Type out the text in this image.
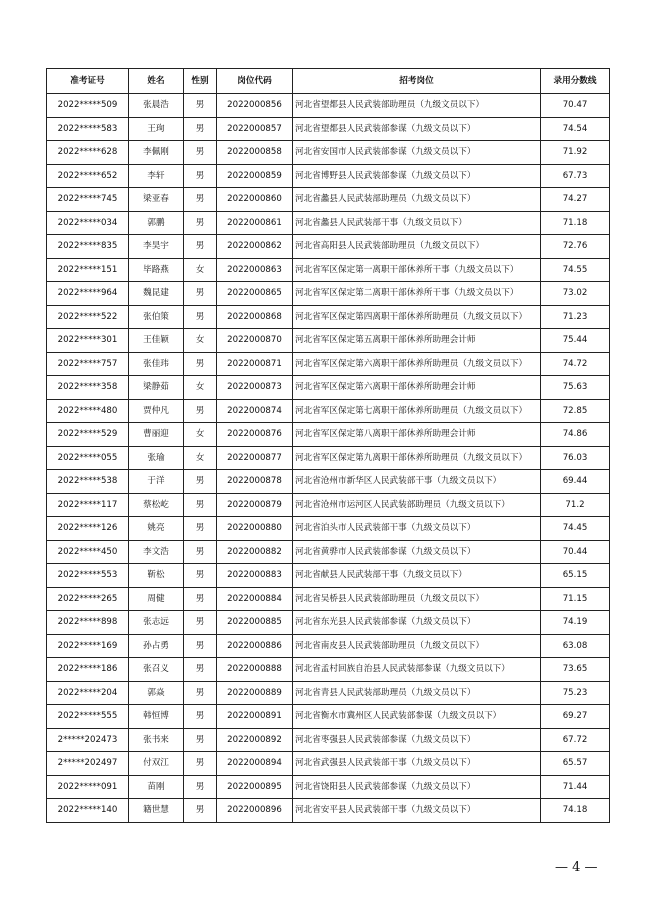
准考证号	姓名	性别	岗位代码	招考岗位	录用分数线
2022*****509	张晨浩	男	2022000856	河北省望都县人民武装部助理员（九级文员以下）	70.47
2022*****583	王珣	男	2022000857	河北省望都县人民武装部参谋（九级文员以下）	74.54
2022*****628	李佩刚	男	2022000858	河北省安国市人民武装部参谋（九级文员以下）	71.92
2022*****652	李轩	男	2022000859	河北省博野县人民武装部参谋（九级文员以下）	67.73
2022*****745	梁亚春	男	2022000860	河北省蠡县人民武装部助理员（九级文员以下）	74.27
2022*****034	郭鹏	男	2022000861	河北省蠡县人民武装部干事（九级文员以下）	71.18
2022*****835	李昊宇	男	2022000862	河北省高阳县人民武装部助理员（九级文员以下）	72.76
2022*****151	毕路燕	女	2022000863	河北省军区保定第一离职干部休养所干事（九级文员以下）	74.55
2022*****964	魏昆建	男	2022000865	河北省军区保定第二离职干部休养所干事（九级文员以下）	73.02
2022*****522	张伯策	男	2022000868	河北省军区保定第四离职干部休养所助理员（九级文员以下）	71.23
2022*****301	王佳颖	女	2022000870	河北省军区保定第五离职干部休养所助理会计师	75.44
2022*****757	张佳玮	男	2022000871	河北省军区保定第六离职干部休养所助理员（九级文员以下）	74.72
2022*****358	梁静茹	女	2022000873	河北省军区保定第六离职干部休养所助理会计师	75.63
2022*****480	贾仲凡	男	2022000874	河北省军区保定第七离职干部休养所助理员（九级文员以下）	72.85
2022*****529	曹丽迎	女	2022000876	河北省军区保定第八离职干部休养所助理会计师	74.86
2022*****055	张瑜	女	2022000877	河北省军区保定第九离职干部休养所助理员（九级文员以下）	76.03
2022*****538	于洋	男	2022000878	河北省沧州市新华区人民武装部干事（九级文员以下）	69.44
2022*****117	蔡松屹	男	2022000879	河北省沧州市运河区人民武装部助理员（九级文员以下）	71.2
2022*****126	姚亮	男	2022000880	河北省泊头市人民武装部干事（九级文员以下）	74.45
2022*****450	李文浩	男	2022000882	河北省黄骅市人民武装部参谋（九级文员以下）	70.44
2022*****553	靳松	男	2022000883	河北省献县人民武装部干事（九级文员以下）	65.15
2022*****265	周健	男	2022000884	河北省吴桥县人民武装部助理员（九级文员以下）	71.15
2022*****898	张志远	男	2022000885	河北省东光县人民武装部参谋（九级文员以下）	74.19
2022*****169	孙占勇	男	2022000886	河北省南皮县人民武装部助理员（九级文员以下）	63.08
2022*****186	张召义	男	2022000888	河北省孟村回族自治县人民武装部参谋（九级文员以下）	73.65
2022*****204	郭焱	男	2022000889	河北省青县人民武装部助理员（九级文员以下）	75.23
2022*****555	韩恒博	男	2022000891	河北省衡水市冀州区人民武装部参谋（九级文员以下）	69.27
2*****202473	张书来	男	2022000892	河北省枣强县人民武装部参谋（九级文员以下）	67.72
2*****202497	付双江	男	2022000894	河北省武强县人民武装部干事（九级文员以下）	65.57
2022*****091	苗刚	男	2022000895	河北省饶阳县人民武装部参谋（九级文员以下）	71.44
2022*****140	籍世慧	男	2022000896	河北省安平县人民武装部干事（九级文员以下）	74.18
— 4 —
